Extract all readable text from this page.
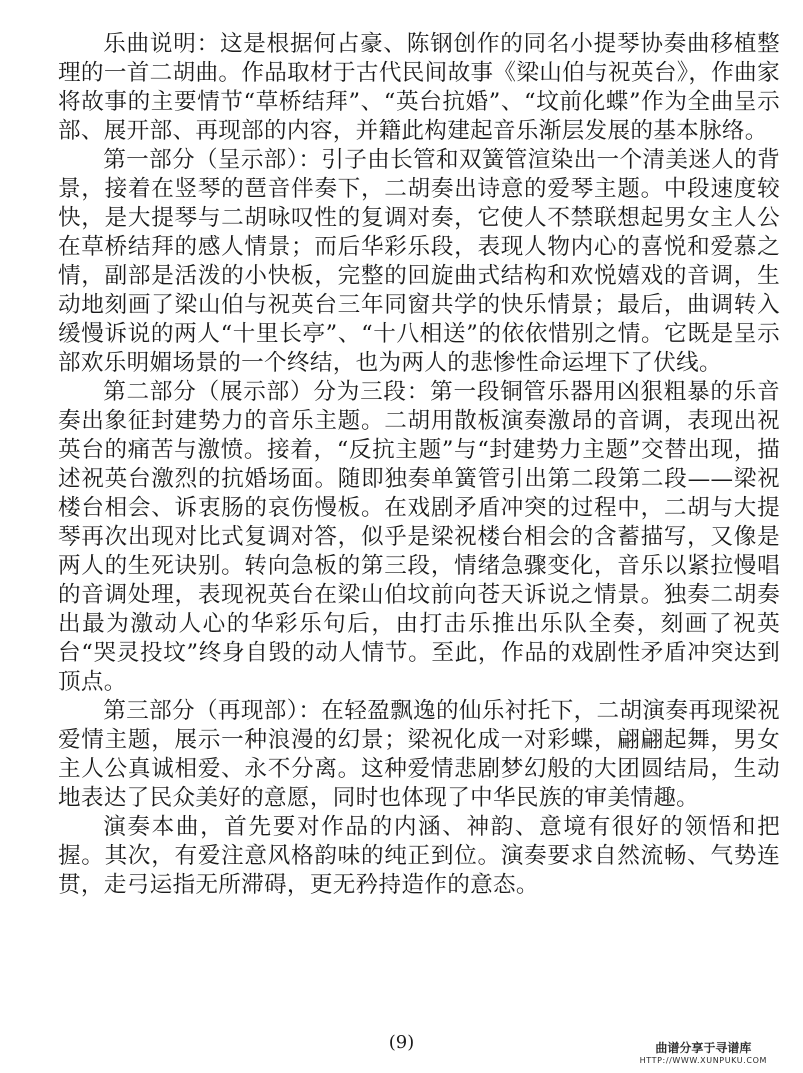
乐曲说明：这是根据何占豪、陈钢创作的同名小提琴协奏曲移植整理的一首二胡曲。作品取材于古代民间故事《梁山伯与祝英台》，作曲家将故事的主要情节“草桥结拜”、“英台抗婚”、“坟前化蝶”作为全曲呈示部、展开部、再现部的内容，并籍此构建起音乐渐层发展的基本脉络。

第一部分（呈示部）：引子由长管和双簧管渲染出一个清美迷人的背景，接着在竖琴的琶音伴奏下，二胡奏出诗意的爱琴主题。中段速度较快，是大提琴与二胡咏叹性的复调对奏，它使人不禁联想起男女主人公在草桥结拜的感人情景；而后华彩乐段，表现人物内心的喜悦和爱慕之情，副部是活泼的小快板，完整的回旋曲式结构和欢悦嬉戏的音调，生动地刻画了梁山伯与祝英台三年同窗共学的快乐情景；最后，曲调转入缓慢诉说的两人“十里长亭”、“十八相送”的依依惜别之情。它既是呈示部欢乐明媚场景的一个终结，也为两人的悲惨性命运埋下了伏线。

第二部分（展示部）分为三段：第一段铜管乐器用凶狠粗暴的乐音奏出象征封建势力的音乐主题。二胡用散板演奏激昂的音调，表现出祝英台的痛苦与激愤。接着，“反抗主题”与“封建势力主题”交替出现，描述祝英台激烈的抗婚场面。随即独奏单簧管引出第二段第二段——梁祝楼台相会、诉衷肠的哀伤慢板。在戏剧矛盾冲突的过程中，二胡与大提琴再次出现对比式复调对答，似乎是梁祝楼台相会的含蓄描写，又像是两人的生死诀别。转向急板的第三段，情绪急骤变化，音乐以紧拉慢唱的音调处理，表现祝英台在梁山伯坟前向苍天诉说之情景。独奏二胡奏出最为激动人心的华彩乐句后，由打击乐推出乐队全奏，刻画了祝英台“哭灵投坟”终身自毁的动人情节。至此，作品的戏剧性矛盾冲突达到顶点。

第三部分（再现部）：在轻盈飘逸的仙乐衬托下，二胡演奏再现梁祝爱情主题，展示一种浪漫的幻景；梁祝化成一对彩蝶，翩翩起舞，男女主人公真诚相爱、永不分离。这种爱情悲剧梦幻般的大团圆结局，生动地表达了民众美好的意愿，同时也体现了中华民族的审美情趣。

演奏本曲，首先要对作品的内涵、神韵、意境有很好的领悟和把握。其次，有爱注意风格韵味的纯正到位。演奏要求自然流畅、气势连贯，走弓运指无所滞碍，更无矜持造作的意态。

(9)	曲谱分享于寻谱库
HTTP://WWW.XUNPUKU.COM
